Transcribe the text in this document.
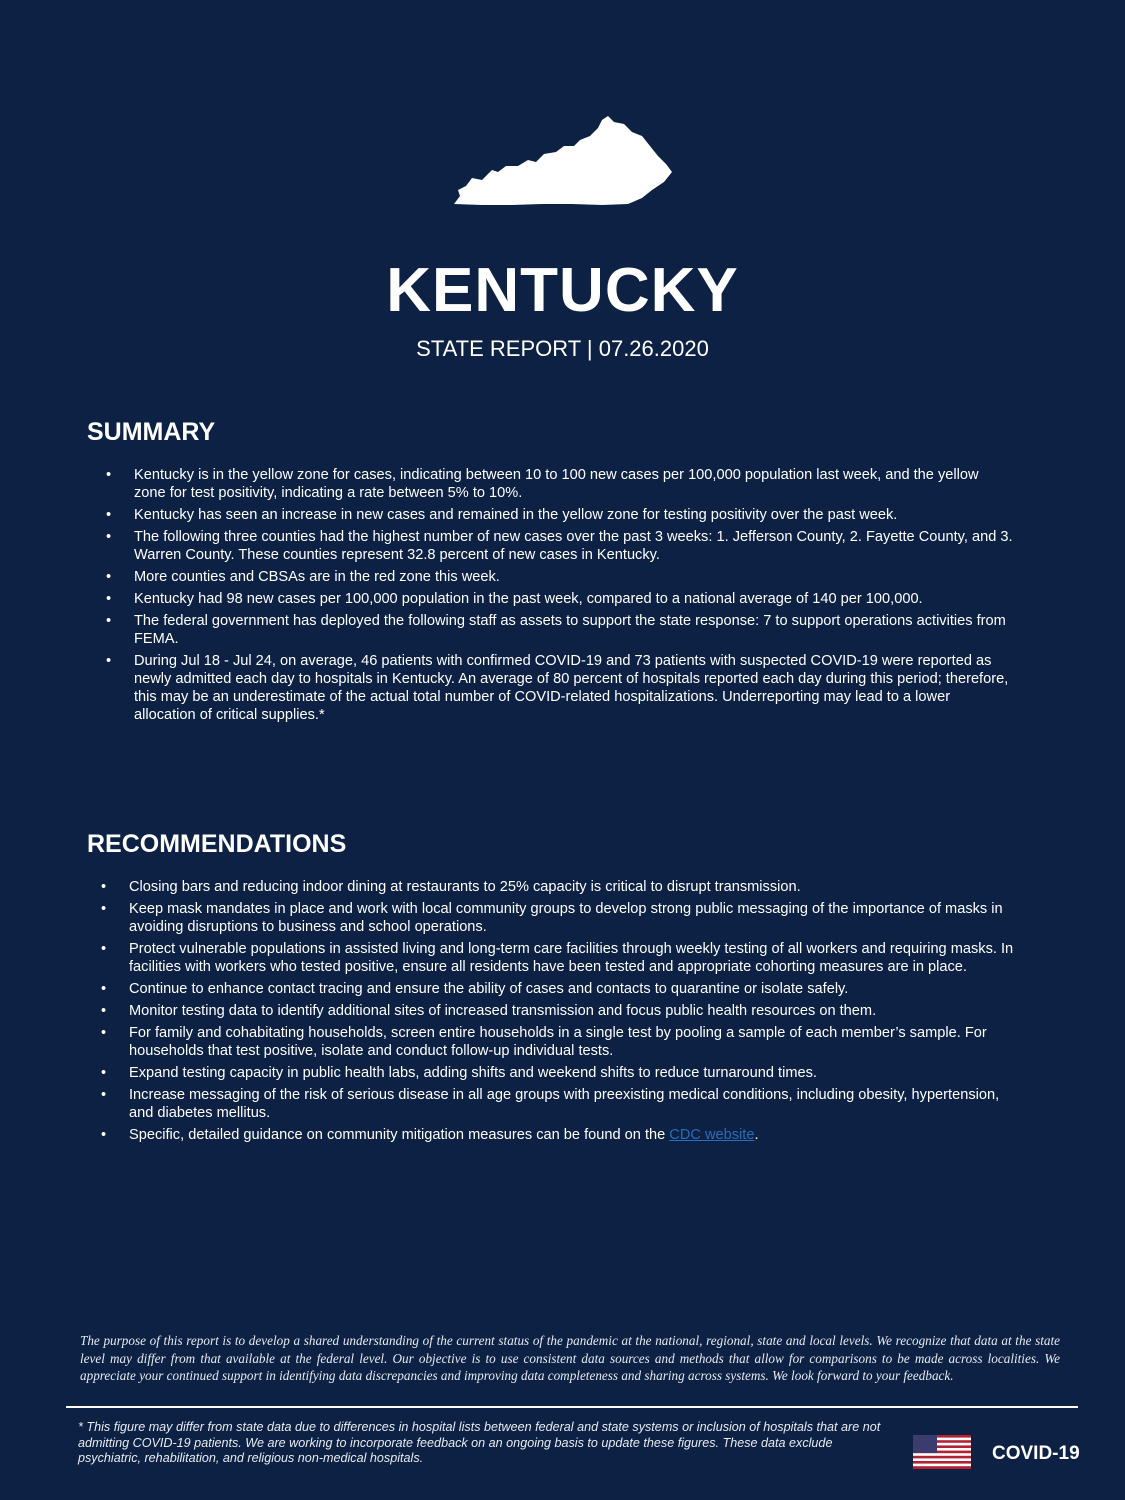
KENTUCKY
STATE REPORT | 07.26.2020
SUMMARY
• Kentucky is in the yellow zone for cases, indicating between 10 to 100 new cases per 100,000 population last week, and the yellow zone for test positivity, indicating a rate between 5% to 10%.
• Kentucky has seen an increase in new cases and remained in the yellow zone for testing positivity over the past week.
• The following three counties had the highest number of new cases over the past 3 weeks: 1. Jefferson County, 2. Fayette County, and 3. Warren County. These counties represent 32.8 percent of new cases in Kentucky.
• More counties and CBSAs are in the red zone this week.
• Kentucky had 98 new cases per 100,000 population in the past week, compared to a national average of 140 per 100,000.
• The federal government has deployed the following staff as assets to support the state response: 7 to support operations activities from FEMA.
• During Jul 18 - Jul 24, on average, 46 patients with confirmed COVID-19 and 73 patients with suspected COVID-19 were reported as newly admitted each day to hospitals in Kentucky. An average of 80 percent of hospitals reported each day during this period; therefore, this may be an underestimate of the actual total number of COVID-related hospitalizations. Underreporting may lead to a lower allocation of critical supplies.*
RECOMMENDATIONS
• Closing bars and reducing indoor dining at restaurants to 25% capacity is critical to disrupt transmission.
• Keep mask mandates in place and work with local community groups to develop strong public messaging of the importance of masks in avoiding disruptions to business and school operations.
• Protect vulnerable populations in assisted living and long-term care facilities through weekly testing of all workers and requiring masks. In facilities with workers who tested positive, ensure all residents have been tested and appropriate cohorting measures are in place.
• Continue to enhance contact tracing and ensure the ability of cases and contacts to quarantine or isolate safely.
• Monitor testing data to identify additional sites of increased transmission and focus public health resources on them.
• For family and cohabitating households, screen entire households in a single test by pooling a sample of each member’s sample. For households that test positive, isolate and conduct follow-up individual tests.
• Expand testing capacity in public health labs, adding shifts and weekend shifts to reduce turnaround times.
• Increase messaging of the risk of serious disease in all age groups with preexisting medical conditions, including obesity, hypertension, and diabetes mellitus.
• Specific, detailed guidance on community mitigation measures can be found on the CDC website.
The purpose of this report is to develop a shared understanding of the current status of the pandemic at the national, regional, state and local levels. We recognize that data at the state level may differ from that available at the federal level. Our objective is to use consistent data sources and methods that allow for comparisons to be made across localities. We appreciate your continued support in identifying data discrepancies and improving data completeness and sharing across systems. We look forward to your feedback.
* This figure may differ from state data due to differences in hospital lists between federal and state systems or inclusion of hospitals that are not admitting COVID-19 patients. We are working to incorporate feedback on an ongoing basis to update these figures. These data exclude psychiatric, rehabilitation, and religious non-medical hospitals.	COVID-19
